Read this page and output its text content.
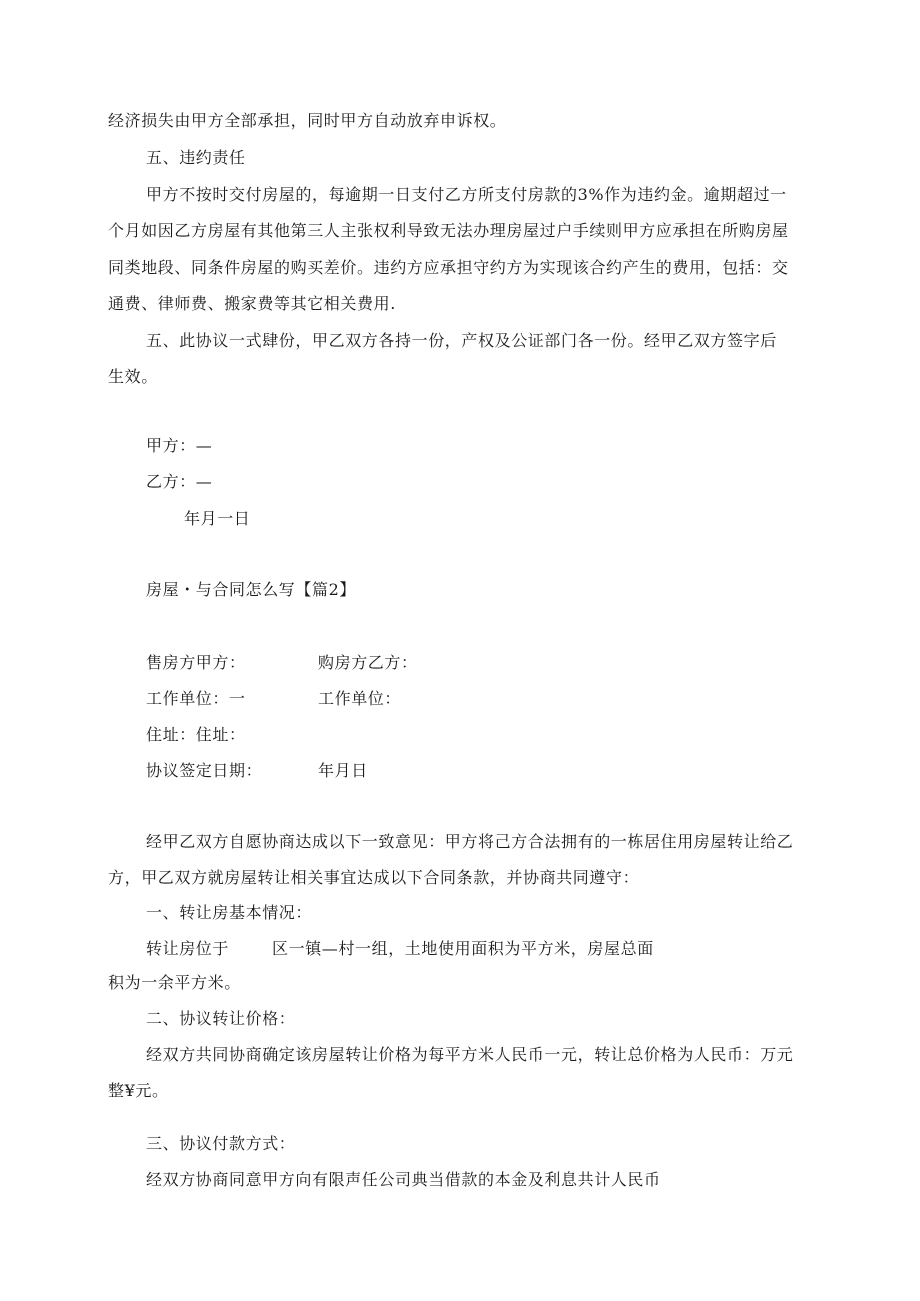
经济损失由甲方全部承担，同时甲方自动放弃申诉权。
五、违约责任
甲方不按时交付房屋的，每逾期一日支付乙方所支付房款的3%作为违约金。逾期超过一
个月如因乙方房屋有其他第三人主张权利导致无法办理房屋过户手续则甲方应承担在所购房屋
同类地段、同条件房屋的购买差价。违约方应承担守约方为实现该合约产生的费用，包括：交
通费、律师费、搬家费等其它相关费用.
五、此协议一式肆份，甲乙双方各持一份，产权及公证部门各一份。经甲乙双方签字后
生效。
甲方：—
乙方：—
年月一日
房屋・与合同怎么写【篇2】
售房方甲方：	购房方乙方：
工作单位：一	工作单位：
住址：住址：
协议签定日期：	年月日
经甲乙双方自愿协商达成以下一致意见：甲方将己方合法拥有的一栋居住用房屋转让给乙
方，甲乙双方就房屋转让相关事宜达成以下合同条款，并协商共同遵守：
一、转让房基本情况：
转让房位于	区一镇—村一组，土地使用面积为平方米，房屋总面
积为一余平方米。
二、协议转让价格：
经双方共同协商确定该房屋转让价格为每平方米人民币一元，转让总价格为人民币：万元
整¥元。
三、协议付款方式：
经双方协商同意甲方向有限声任公司典当借款的本金及利息共计人民币
